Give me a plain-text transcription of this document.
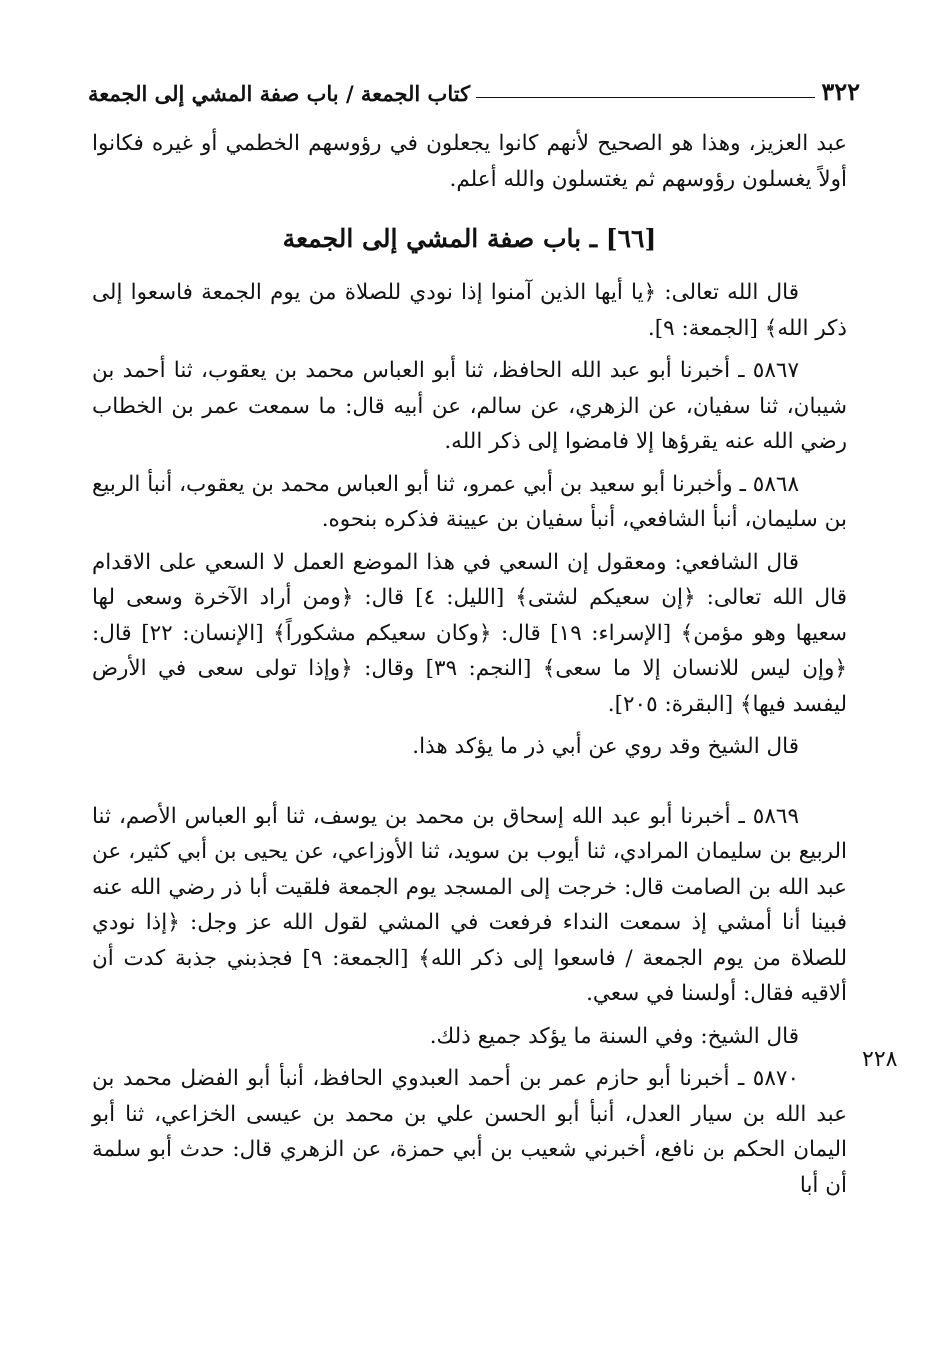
٣٢٢
كتاب الجمعة / باب صفة المشي إلى الجمعة

عبد العزيز، وهذا هو الصحيح لأنهم كانوا يجعلون في رؤوسهم الخطمي أو غيره فكانوا أولاً يغسلون رؤوسهم ثم يغتسلون والله أعلم.

[٦٦] ـ باب صفة المشي إلى الجمعة

قال الله تعالى: ﴿يا أيها الذين آمنوا إذا نودي للصلاة من يوم الجمعة فاسعوا إلى ذكر الله﴾ [الجمعة: ٩].

٥٨٦٧ ـ أخبرنا أبو عبد الله الحافظ، ثنا أبو العباس محمد بن يعقوب، ثنا أحمد بن شيبان، ثنا سفيان، عن الزهري، عن سالم، عن أبيه قال: ما سمعت عمر بن الخطاب رضي الله عنه يقرؤها إلا فامضوا إلى ذكر الله.

٥٨٦٨ ـ وأخبرنا أبو سعيد بن أبي عمرو، ثنا أبو العباس محمد بن يعقوب، أنبأ الربيع بن سليمان، أنبأ الشافعي، أنبأ سفيان بن عيينة فذكره بنحوه.

قال الشافعي: ومعقول إن السعي في هذا الموضع العمل لا السعي على الاقدام قال الله تعالى: ﴿إن سعيكم لشتى﴾ [الليل: ٤] قال: ﴿ومن أراد الآخرة وسعى لها سعيها وهو مؤمن﴾ [الإسراء: ١٩] قال: ﴿وكان سعيكم مشكوراً﴾ [الإنسان: ٢٢] قال: ﴿وإن ليس للانسان إلا ما سعى﴾ [النجم: ٣٩] وقال: ﴿وإذا تولى سعى في الأرض ليفسد فيها﴾ [البقرة: ٢٠٥].

قال الشيخ وقد روي عن أبي ذر ما يؤكد هذا.

٥٨٦٩ ـ أخبرنا أبو عبد الله إسحاق بن محمد بن يوسف، ثنا أبو العباس الأصم، ثنا الربيع بن سليمان المرادي، ثنا أيوب بن سويد، ثنا الأوزاعي، عن يحيى بن أبي كثير، عن عبد الله بن الصامت قال: خرجت إلى المسجد يوم الجمعة فلقيت أبا ذر رضي الله عنه فبينا أنا أمشي إذ سمعت النداء فرفعت في المشي لقول الله عز وجل: ﴿إذا نودي للصلاة من يوم الجمعة / فاسعوا إلى ذكر الله﴾ [الجمعة: ٩] فجذبني جذبة كدت أن ألاقيه فقال: أولسنا في سعي.

قال الشيخ: وفي السنة ما يؤكد جميع ذلك.

٥٨٧٠ ـ أخبرنا أبو حازم عمر بن أحمد العبدوي الحافظ، أنبأ أبو الفضل محمد بن عبد الله بن سيار العدل، أنبأ أبو الحسن علي بن محمد بن عيسى الخزاعي، ثنا أبو اليمان الحكم بن نافع، أخبرني شعيب بن أبي حمزة، عن الزهري قال: حدث أبو سلمة أن أبا

٢٢٨
